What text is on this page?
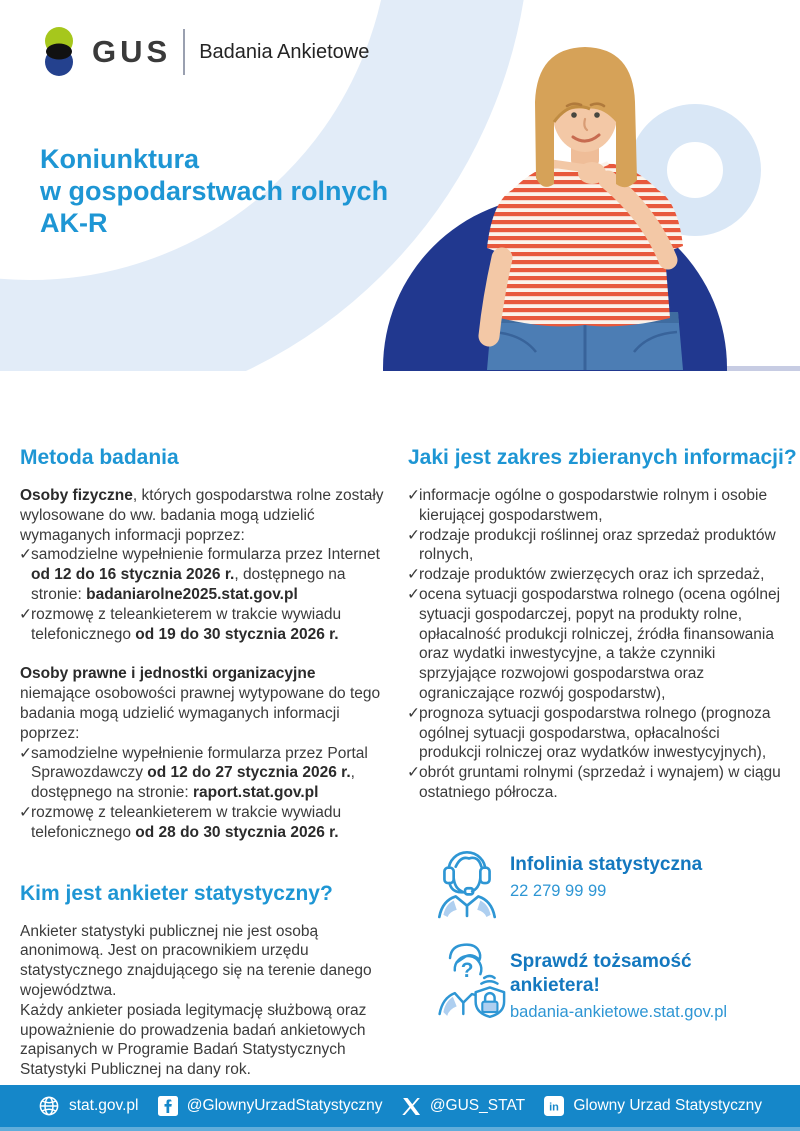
GUS Badania Ankietowe
Koniunktura
w gospodarstwach rolnych
AK-R
Metoda badania

Osoby fizyczne, których gospodarstwa rolne zostały wylosowane do ww. badania mogą udzielić wymaganych informacji poprzez:

✓ samodzielne wypełnienie formularza przez Internet od 12 do 16 stycznia 2026 r., dostępnego na stronie: badaniarolne2025.stat.gov.pl
✓ rozmowę z teleankieterem w trakcie wywiadu telefonicznego od 19 do 30 stycznia 2026 r.

Osoby prawne i jednostki organizacyjne niemające osobowości prawnej wytypowane do tego badania mogą udzielić wymaganych informacji poprzez:

✓ samodzielne wypełnienie formularza przez Portal Sprawozdawczy od 12 do 27 stycznia 2026 r., dostępnego na stronie: raport.stat.gov.pl
✓ rozmowę z teleankieterem w trakcie wywiadu telefonicznego od 28 do 30 stycznia 2026 r.
Kim jest ankieter statystyczny?

Ankieter statystyki publicznej nie jest osobą anonimową. Jest on pracownikiem urzędu statystycznego znajdującego się na terenie danego województwa.

Każdy ankieter posiada legitymację służbową oraz upoważnienie do prowadzenia badań ankietowych zapisanych w Programie Badań Statystycznych Statystyki Publicznej na dany rok.

Jaki jest zakres zbieranych informacji?
✓ informacje ogólne o gospodarstwie rolnym i osobie kierującej gospodarstwem,
✓ rodzaje produkcji roślinnej oraz sprzedaż produktów rolnych,
✓ rodzaje produktów zwierzęcych oraz ich sprzedaż,
✓ ocena sytuacji gospodarstwa rolnego (ocena ogólnej sytuacji gospodarczej, popyt na produkty rolne, opłacalność produkcji rolniczej, źródła finansowania oraz wydatki inwestycyjne, a także czynniki sprzyjające rozwojowi gospodarstwa oraz ograniczające rozwój gospodarstw),
✓ prognoza sytuacji gospodarstwa rolnego (prognoza ogólnej sytuacji gospodarstwa, opłacalności produkcji rolniczej oraz wydatków inwestycyjnych),
✓ obrót gruntami rolnymi (sprzedaż i wynajem) w ciągu ostatniego półrocza.
Infolinia statystyczna
22 279 99 99
? Sprawdź tożsamość ankietera!
badania-ankietowe.stat.gov.pl
stat.gov.pl	@GlownyUrzadStatystyczny	@GUS_STAT in Glowny Urzad Statystyczny
